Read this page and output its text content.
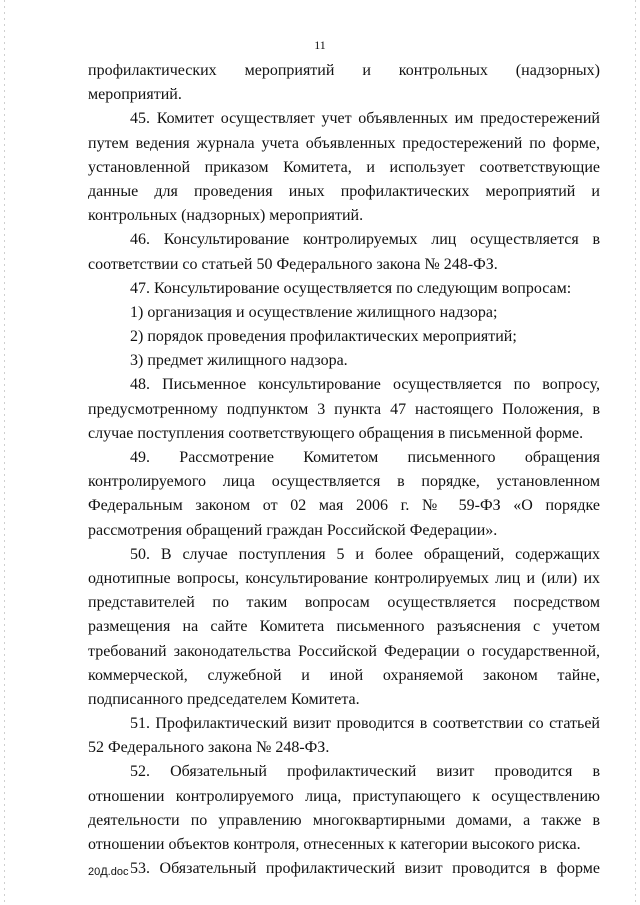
11
профилактических мероприятий и контрольных (надзорных)
мероприятий.
45. Комитет осуществляет учет объявленных им предостережений
путем ведения журнала учета объявленных предостережений по форме,
установленной приказом Комитета, и использует соответствующие
данные для проведения иных профилактических мероприятий и
контрольных (надзорных) мероприятий.
46. Консультирование контролируемых лиц осуществляется в
соответствии со статьей 50 Федерального закона № 248-ФЗ.
47. Консультирование осуществляется по следующим вопросам:
1) организация и осуществление жилищного надзора;
2) порядок проведения профилактических мероприятий;
3) предмет жилищного надзора.
48. Письменное консультирование осуществляется по вопросу,
предусмотренному подпунктом 3 пункта 47 настоящего Положения, в
случае поступления соответствующего обращения в письменной форме.
49. Рассмотрение Комитетом письменного обращения
контролируемого лица осуществляется в порядке, установленном
Федеральным законом от 02 мая 2006 г. № 59-ФЗ «О порядке
рассмотрения обращений граждан Российской Федерации».
50. В случае поступления 5 и более обращений, содержащих
однотипные вопросы, консультирование контролируемых лиц и (или) их
представителей по таким вопросам осуществляется посредством
размещения на сайте Комитета письменного разъяснения с учетом
требований законодательства Российской Федерации о государственной,
коммерческой, служебной и иной охраняемой законом тайне,
подписанного председателем Комитета.
51. Профилактический визит проводится в соответствии со статьей
52 Федерального закона № 248-ФЗ.
52. Обязательный профилактический визит проводится в
отношении контролируемого лица, приступающего к осуществлению
деятельности по управлению многоквартирными домами, а также в
отношении объектов контроля, отнесенных к категории высокого риска.
53. Обязательный профилактический визит проводится в форме
20Д.doc
